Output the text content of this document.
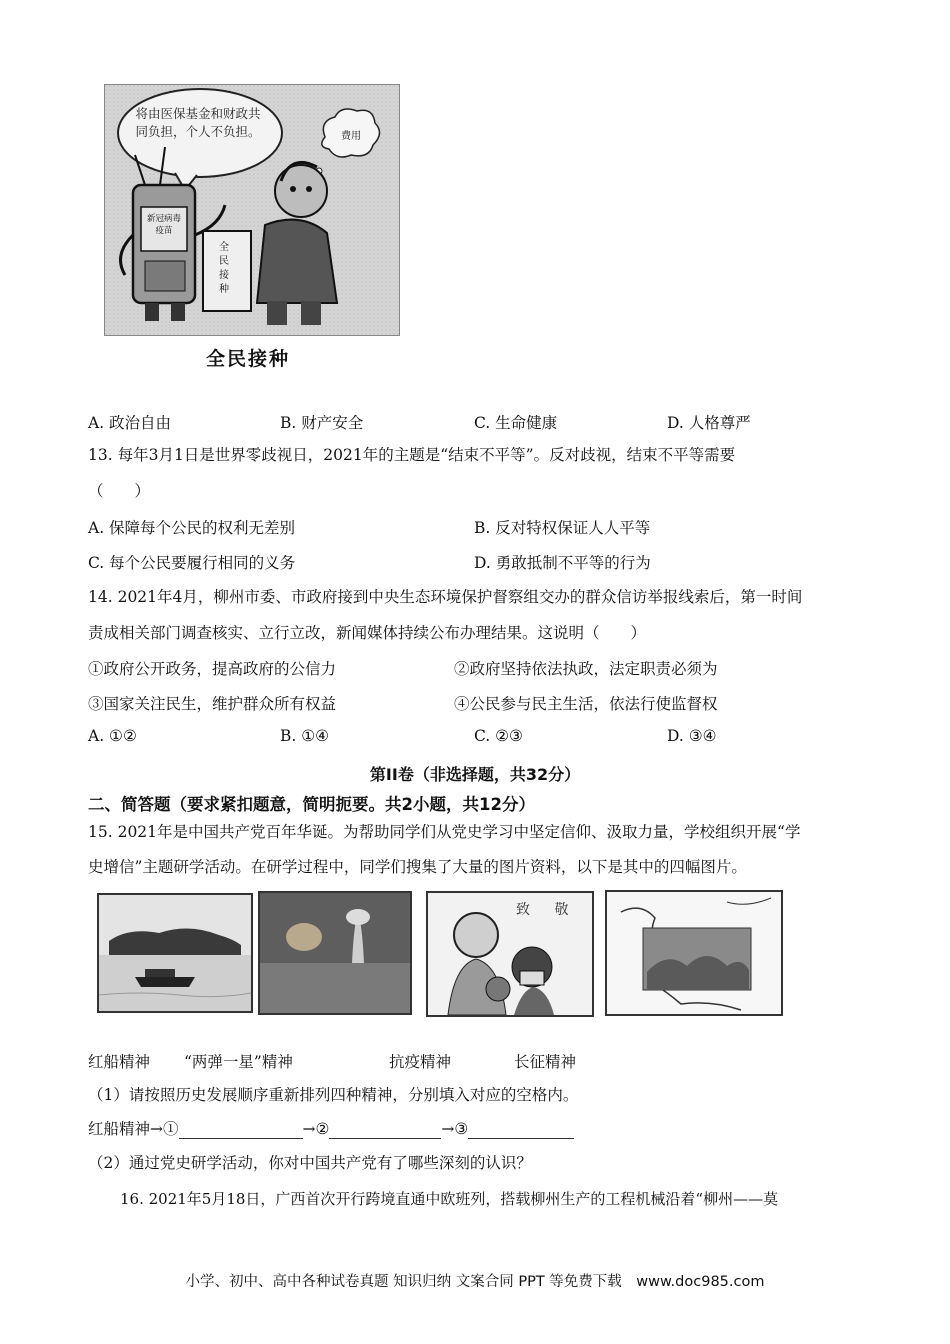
将由医保基金和财政共同负担，个人不负担。	费用
新冠病毒疫苗
全民接种
全民接种
A. 政治自由	B. 财产安全	C. 生命健康	D. 人格尊严
13. 每年3月1日是世界零歧视日，2021年的主题是“结束不平等”。反对歧视，结束不平等需要
（　　）
A. 保障每个公民的权利无差别	B. 反对特权保证人人平等
C. 每个公民要履行相同的义务	D. 勇敢抵制不平等的行为
14. 2021年4月，柳州市委、市政府接到中央生态环境保护督察组交办的群众信访举报线索后，第一时间
责成相关部门调查核实、立行立改，新闻媒体持续公布办理结果。这说明（　　）
①政府公开政务，提高政府的公信力	②政府坚持依法执政，法定职责必须为
③国家关注民生，维护群众所有权益	④公民参与民主生活，依法行使监督权
A. ①②	B. ①④	C. ②③	D. ③④
第II卷（非选择题，共32分）
二、简答题（要求紧扣题意，简明扼要。共2小题，共12分）
15. 2021年是中国共产党百年华诞。为帮助同学们从党史学习中坚定信仰、汲取力量，学校组织开展“学
史增信”主题研学活动。在研学过程中，同学们搜集了大量的图片资料，以下是其中的四幅图片。
致 敬
红船精神 “两弹一星”精神	抗疫精神	长征精神
（1）请按照历史发展顺序重新排列四种精神，分别填入对应的空格内。
红船精神→①	→②	→③
（2）通过党史研学活动，你对中国共产党有了哪些深刻的认识？
16. 2021年5月18日，广西首次开行跨境直通中欧班列，搭载柳州生产的工程机械沿着“柳州——莫
小学、初中、高中各种试卷真题 知识归纳 文案合同 PPT 等免费下载　www.doc985.com
